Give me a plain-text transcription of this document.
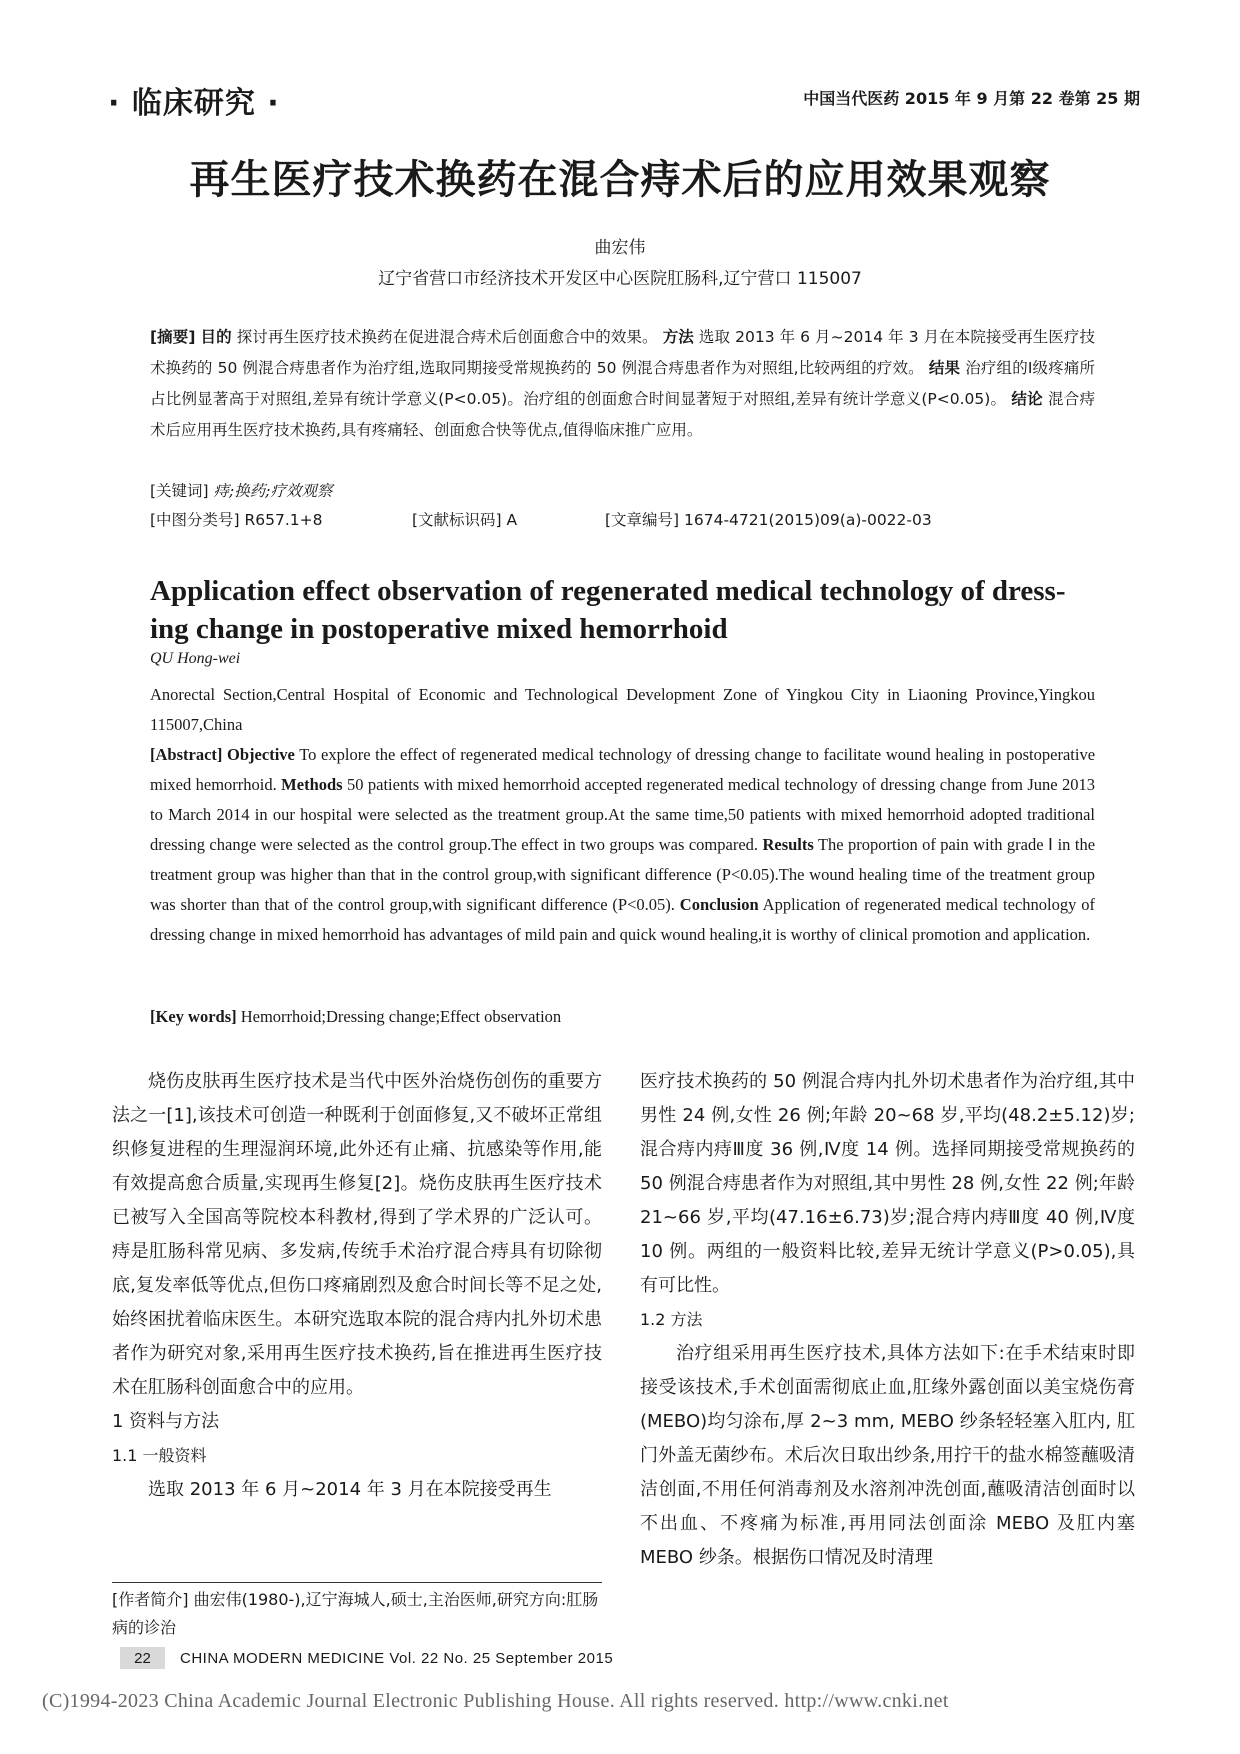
· 临床研究 ·	中国当代医药 2015 年 9 月第 22 卷第 25 期
再生医疗技术换药在混合痔术后的应用效果观察
曲宏伟
辽宁省营口市经济技术开发区中心医院肛肠科,辽宁营口 115007
[摘要] 目的 探讨再生医疗技术换药在促进混合痔术后创面愈合中的效果。 方法 选取 2013 年 6 月~2014 年 3 月在本院接受再生医疗技术换药的 50 例混合痔患者作为治疗组,选取同期接受常规换药的 50 例混合痔患者作为对照组,比较两组的疗效。 结果 治疗组的Ⅰ级疼痛所占比例显著高于对照组,差异有统计学意义(P<0.05)。治疗组的创面愈合时间显著短于对照组,差异有统计学意义(P<0.05)。 结论 混合痔术后应用再生医疗技术换药,具有疼痛轻、创面愈合快等优点,值得临床推广应用。
[关键词] 痔;换药;疗效观察
[中图分类号] R657.1+8	[文献标识码] A	[文章编号] 1674-4721(2015)09(a)-0022-03
Application effect observation of regenerated medical technology of dress-ing change in postoperative mixed hemorrhoid
QU Hong-wei
Anorectal Section,Central Hospital of Economic and Technological Development Zone of Yingkou City in Liaoning Province,Yingkou 115007,China
[Abstract] Objective To explore the effect of regenerated medical technology of dressing change to facilitate wound healing in postoperative mixed hemorrhoid. Methods 50 patients with mixed hemorrhoid accepted regenerated medical technology of dressing change from June 2013 to March 2014 in our hospital were selected as the treatment group.At the same time,50 patients with mixed hemorrhoid adopted traditional dressing change were selected as the control group.The effect in two groups was compared. Results The proportion of pain with grade Ⅰ in the treatment group was higher than that in the control group,with significant difference (P<0.05).The wound healing time of the treatment group was shorter than that of the control group,with significant difference (P<0.05). Conclusion Application of regenerated medical technology of dressing change in mixed hemorrhoid has advantages of mild pain and quick wound healing,it is worthy of clinical promotion and application.
[Key words] Hemorrhoid;Dressing change;Effect observation

烧伤皮肤再生医疗技术是当代中医外治烧伤创伤的重要方法之一[1],该技术可创造一种既利于创面修复,又不破坏正常组织修复进程的生理湿润环境,此外还有止痛、抗感染等作用,能有效提高愈合质量,实现再生修复[2]。烧伤皮肤再生医疗技术已被写入全国高等院校本科教材,得到了学术界的广泛认可。痔是肛肠科常见病、多发病,传统手术治疗混合痔具有切除彻底,复发率低等优点,但伤口疼痛剧烈及愈合时间长等不足之处,始终困扰着临床医生。本研究选取本院的混合痔内扎外切术患者作为研究对象,采用再生医疗技术换药,旨在推进再生医疗技术在肛肠科创面愈合中的应用。

1 资料与方法

1.1 一般资料

选取 2013 年 6 月~2014 年 3 月在本院接受再生

[作者简介] 曲宏伟(1980-),辽宁海城人,硕士,主治医师,研究方向:肛肠病的诊治

医疗技术换药的 50 例混合痔内扎外切术患者作为治疗组,其中男性 24 例,女性 26 例;年龄 20~68 岁,平均(48.2±5.12)岁;混合痔内痔Ⅲ度 36 例,Ⅳ度 14 例。选择同期接受常规换药的 50 例混合痔患者作为对照组,其中男性 28 例,女性 22 例;年龄 21~66 岁,平均(47.16±6.73)岁;混合痔内痔Ⅲ度 40 例,Ⅳ度 10 例。两组的一般资料比较,差异无统计学意义(P>0.05),具有可比性。

1.2 方法

治疗组采用再生医疗技术,具体方法如下:在手术结束时即接受该技术,手术创面需彻底止血,肛缘外露创面以美宝烧伤膏(MEBO)均匀涂布,厚 2~3 mm, MEBO 纱条轻轻塞入肛内, 肛门外盖无菌纱布。术后次日取出纱条,用拧干的盐水棉签蘸吸清洁创面,不用任何消毒剂及水溶剂冲洗创面,蘸吸清洁创面时以不出血、不疼痛为标准,再用同法创面涂 MEBO 及肛内塞 MEBO 纱条。根据伤口情况及时清理

22	CHINA MODERN MEDICINE Vol. 22 No. 25 September 2015
(C)1994-2023 China Academic Journal Electronic Publishing House. All rights reserved. http://www.cnki.net
